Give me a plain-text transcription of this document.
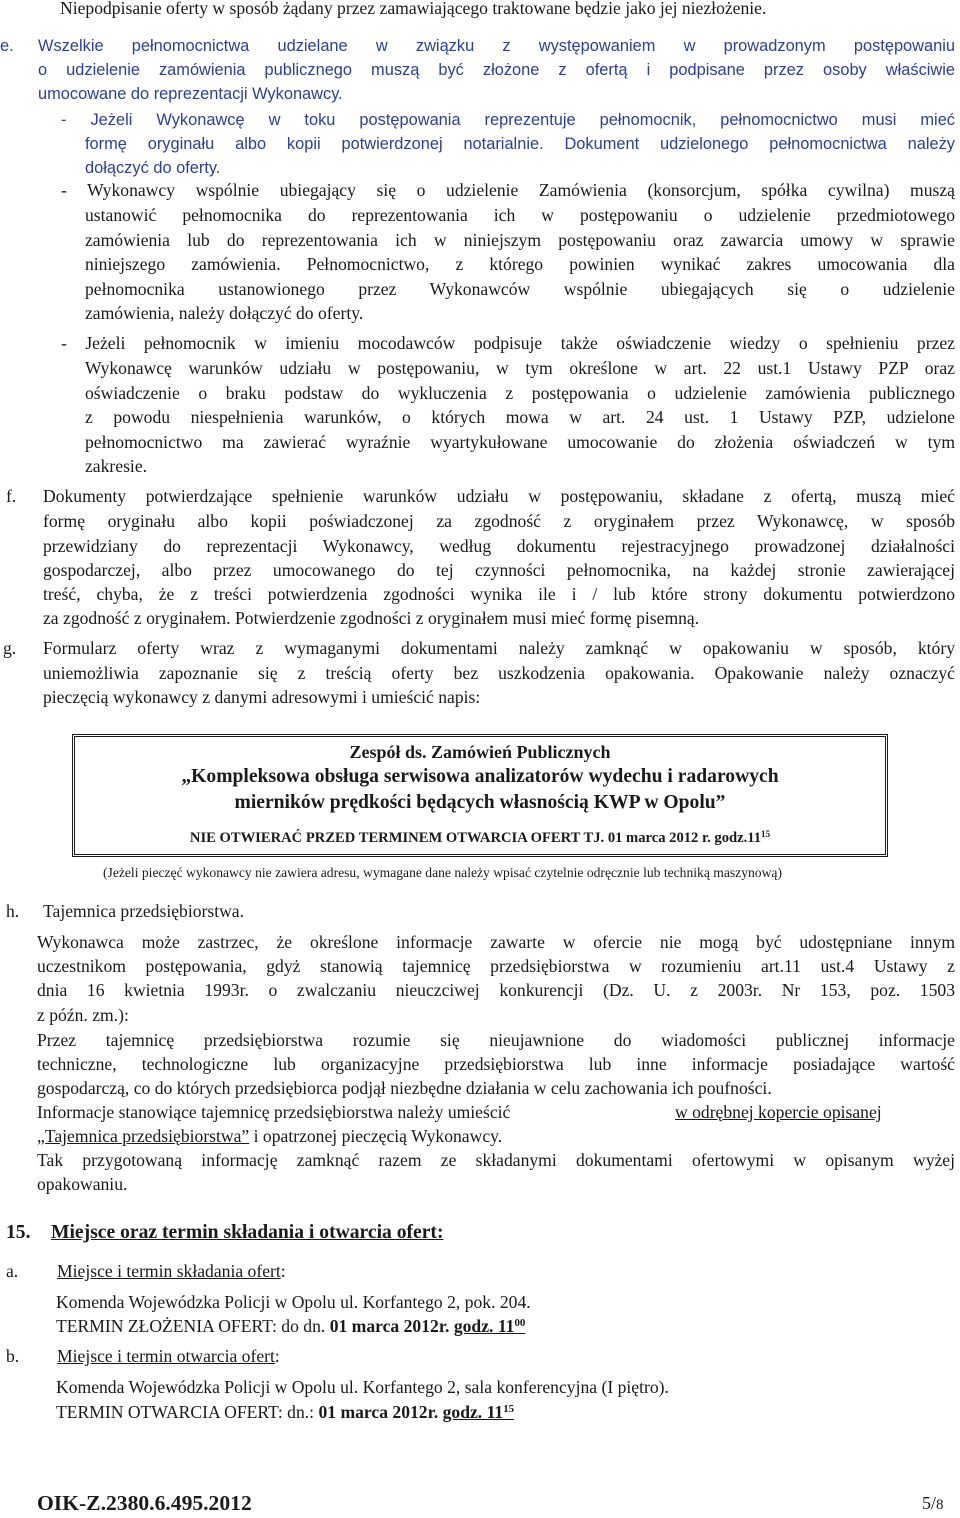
Niepodpisanie oferty w sposób żądany przez zamawiającego traktowane będzie jako jej niezłożenie.
e. Wszelkie pełnomocnictwa udzielane w związku z występowaniem w prowadzonym postępowaniu
o udzielenie zamówienia publicznego muszą być złożone z ofertą i podpisane przez osoby właściwie
umocowane do reprezentacji Wykonawcy.
- Jeżeli Wykonawcę w toku postępowania reprezentuje pełnomocnik, pełnomocnictwo musi mieć
formę oryginału albo kopii potwierdzonej notarialnie. Dokument udzielonego pełnomocnictwa należy
dołączyć do oferty.
- Wykonawcy wspólnie ubiegający się o udzielenie Zamówienia (konsorcjum, spółka cywilna) muszą
ustanowić pełnomocnika do reprezentowania ich w postępowaniu o udzielenie przedmiotowego
zamówienia lub do reprezentowania ich w niniejszym postępowaniu oraz zawarcia umowy w sprawie
niniejszego zamówienia. Pełnomocnictwo, z którego powinien wynikać zakres umocowania dla
pełnomocnika ustanowionego przez Wykonawców wspólnie ubiegających się o udzielenie
zamówienia, należy dołączyć do oferty.
- Jeżeli pełnomocnik w imieniu mocodawców podpisuje także oświadczenie wiedzy o spełnieniu przez
Wykonawcę warunków udziału w postępowaniu, w tym określone w art. 22 ust.1 Ustawy PZP oraz
oświadczenie o braku podstaw do wykluczenia z postępowania o udzielenie zamówienia publicznego
z powodu niespełnienia warunków, o których mowa w art. 24 ust. 1 Ustawy PZP, udzielone
pełnomocnictwo ma zawierać wyraźnie wyartykułowane umocowanie do złożenia oświadczeń w tym
zakresie.
f. Dokumenty potwierdzające spełnienie warunków udziału w postępowaniu, składane z ofertą, muszą mieć
formę oryginału albo kopii poświadczonej za zgodność z oryginałem przez Wykonawcę, w sposób
przewidziany do reprezentacji Wykonawcy, według dokumentu rejestracyjnego prowadzonej działalności
gospodarczej, albo przez umocowanego do tej czynności pełnomocnika, na każdej stronie zawierającej
treść, chyba, że z treści potwierdzenia zgodności wynika ile i / lub które strony dokumentu potwierdzono
za zgodność z oryginałem. Potwierdzenie zgodności z oryginałem musi mieć formę pisemną.
g. Formularz oferty wraz z wymaganymi dokumentami należy zamknąć w opakowaniu w sposób, który
uniemożliwia zapoznanie się z treścią oferty bez uszkodzenia opakowania. Opakowanie należy oznaczyć
pieczęcią wykonawcy z danymi adresowymi i umieścić napis:
Zespół ds. Zamówień Publicznych
„Kompleksowa obsługa serwisowa analizatorów wydechu i radarowych
mierników prędkości będących własnością KWP w Opolu”
NIE OTWIERAĆ PRZED TERMINEM OTWARCIA OFERT TJ. 01 marca 2012 r. $godz.11^{15}$
(Jeżeli pieczęć wykonawcy nie zawiera adresu, wymagane dane należy wpisać czytelnie odręcznie lub techniką maszynową)
h. Tajemnica przedsiębiorstwa.
Wykonawca może zastrzec, że określone informacje zawarte w ofercie nie mogą być udostępniane innym
uczestnikom postępowania, gdyż stanowią tajemnicę przedsiębiorstwa w rozumieniu art.11 ust.4 Ustawy z
dnia 16 kwietnia 1993r. o zwalczaniu nieuczciwej konkurencji (Dz. U. z 2003r. Nr 153, poz. 1503
z późn. zm.):
Przez tajemnicę przedsiębiorstwa rozumie się nieujawnione do wiadomości publicznej informacje
techniczne, technologiczne lub organizacyjne przedsiębiorstwa lub inne informacje posiadające wartość
gospodarczą, co do których przedsiębiorca podjął niezbędne działania w celu zachowania ich poufności.
Informacje stanowiące tajemnicę przedsiębiorstwa należy umieścić	w odrębnej kopercie opisanej
„Tajemnica przedsiębiorstwa” i opatrzonej pieczęcią Wykonawcy.
Tak przygotowaną informację zamknąć razem ze składanymi dokumentami ofertowymi w opisanym wyżej
opakowaniu.
15. Miejsce oraz termin składania i otwarcia ofert:
a. Miejsce i termin składania ofert:
Komenda Wojewódzka Policji w Opolu ul. Korfantego 2, pok. 204.
TERMIN ZŁOŻENIA OFERT: do dn. 01 marca 2012r. godz. $11^{00}$
b. Miejsce i termin otwarcia ofert:
Komenda Wojewódzka Policji w Opolu ul. Korfantego 2, sala konferencyjna (I piętro).
TERMIN OTWARCIA OFERT: dn.: 01 marca 2012r. godz. $11^{15}$
OIK-Z.2380.6.495.2012	5/8
